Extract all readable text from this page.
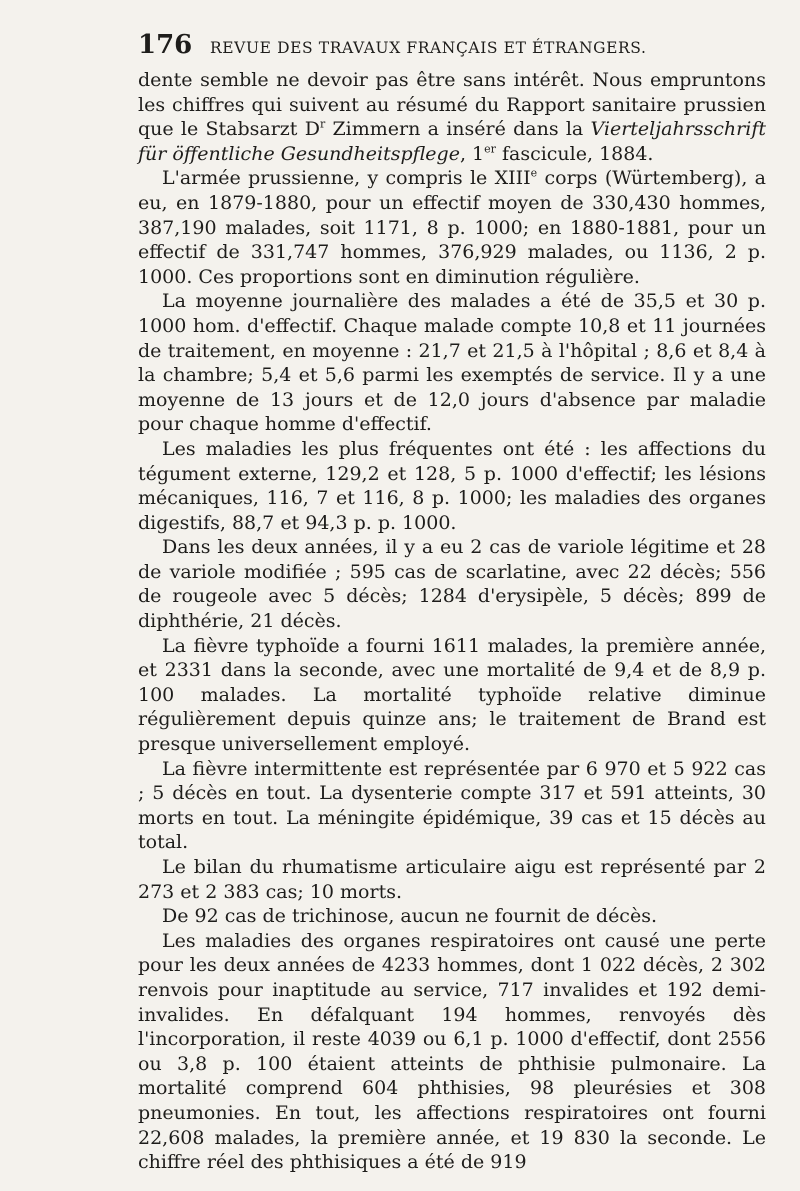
176	REVUE DES TRAVAUX FRANÇAIS ET ÉTRANGERS.

dente semble ne devoir pas être sans intérêt. Nous empruntons les chiffres qui suivent au résumé du Rapport sanitaire prussien que le Stabsarzt $D^r$ Zimmern a inséré dans la Vierteljahrsschrift für öffentliche Gesundheitspflege, 1er fascicule, 1884.

L'armée prussienne, y compris le XIIIe corps (Würtemberg), a eu, en 1879-1880, pour un effectif moyen de 330,430 hommes, 387,190 malades, soit 1171, 8 p. 1000; en 1880-1881, pour un effectif de 331,747 hommes, 376,929 malades, ou 1136, 2 p. 1000. Ces proportions sont en diminution régulière.

La moyenne journalière des malades a été de 35,5 et 30 p. 1000 hom. d'effectif. Chaque malade compte 10,8 et 11 journées de traitement, en moyenne : 21,7 et 21,5 à l'hôpital ; 8,6 et 8,4 à la chambre; 5,4 et 5,6 parmi les exemptés de service. Il y a une moyenne de 13 jours et de 12,0 jours d'absence par maladie pour chaque homme d'effectif.

Les maladies les plus fréquentes ont été : les affections du tégument externe, 129,2 et 128, 5 p. 1000 d'effectif; les lésions mécaniques, 116, 7 et 116, 8 p. 1000; les maladies des organes digestifs, 88,7 et 94,3 p. p. 1000.

Dans les deux années, il y a eu 2 cas de variole légitime et 28 de variole modifiée ; 595 cas de scarlatine, avec 22 décès; 556 de rougeole avec 5 décès; 1284 d'erysipèle, 5 décès; 899 de diphthérie, 21 décès.

La fièvre typhoïde a fourni 1611 malades, la première année, et 2331 dans la seconde, avec une mortalité de 9,4 et de 8,9 p. 100 malades. La mortalité typhoïde relative diminue régulièrement depuis quinze ans; le traitement de Brand est presque universellement employé.

La fièvre intermittente est représentée par 6 970 et 5 922 cas ; 5 décès en tout. La dysenterie compte 317 et 591 atteints, 30 morts en tout. La méningite épidémique, 39 cas et 15 décès au total.

Le bilan du rhumatisme articulaire aigu est représenté par 2 273 et 2 383 cas; 10 morts.

De 92 cas de trichinose, aucun ne fournit de décès.

Les maladies des organes respiratoires ont causé une perte pour les deux années de 4233 hommes, dont 1 022 décès, 2 302 renvois pour inaptitude au service, 717 invalides et 192 demi-invalides. En défalquant 194 hommes, renvoyés dès l'incorporation, il reste 4039 ou 6,1 p. 1000 d'effectif, dont 2556 ou 3,8 p. 100 étaient atteints de phthisie pulmonaire. La mortalité comprend 604 phthisies, 98 pleurésies et 308 pneumonies. En tout, les affections respiratoires ont fourni 22,608 malades, la première année, et 19 830 la seconde. Le chiffre réel des phthisiques a été de 919
